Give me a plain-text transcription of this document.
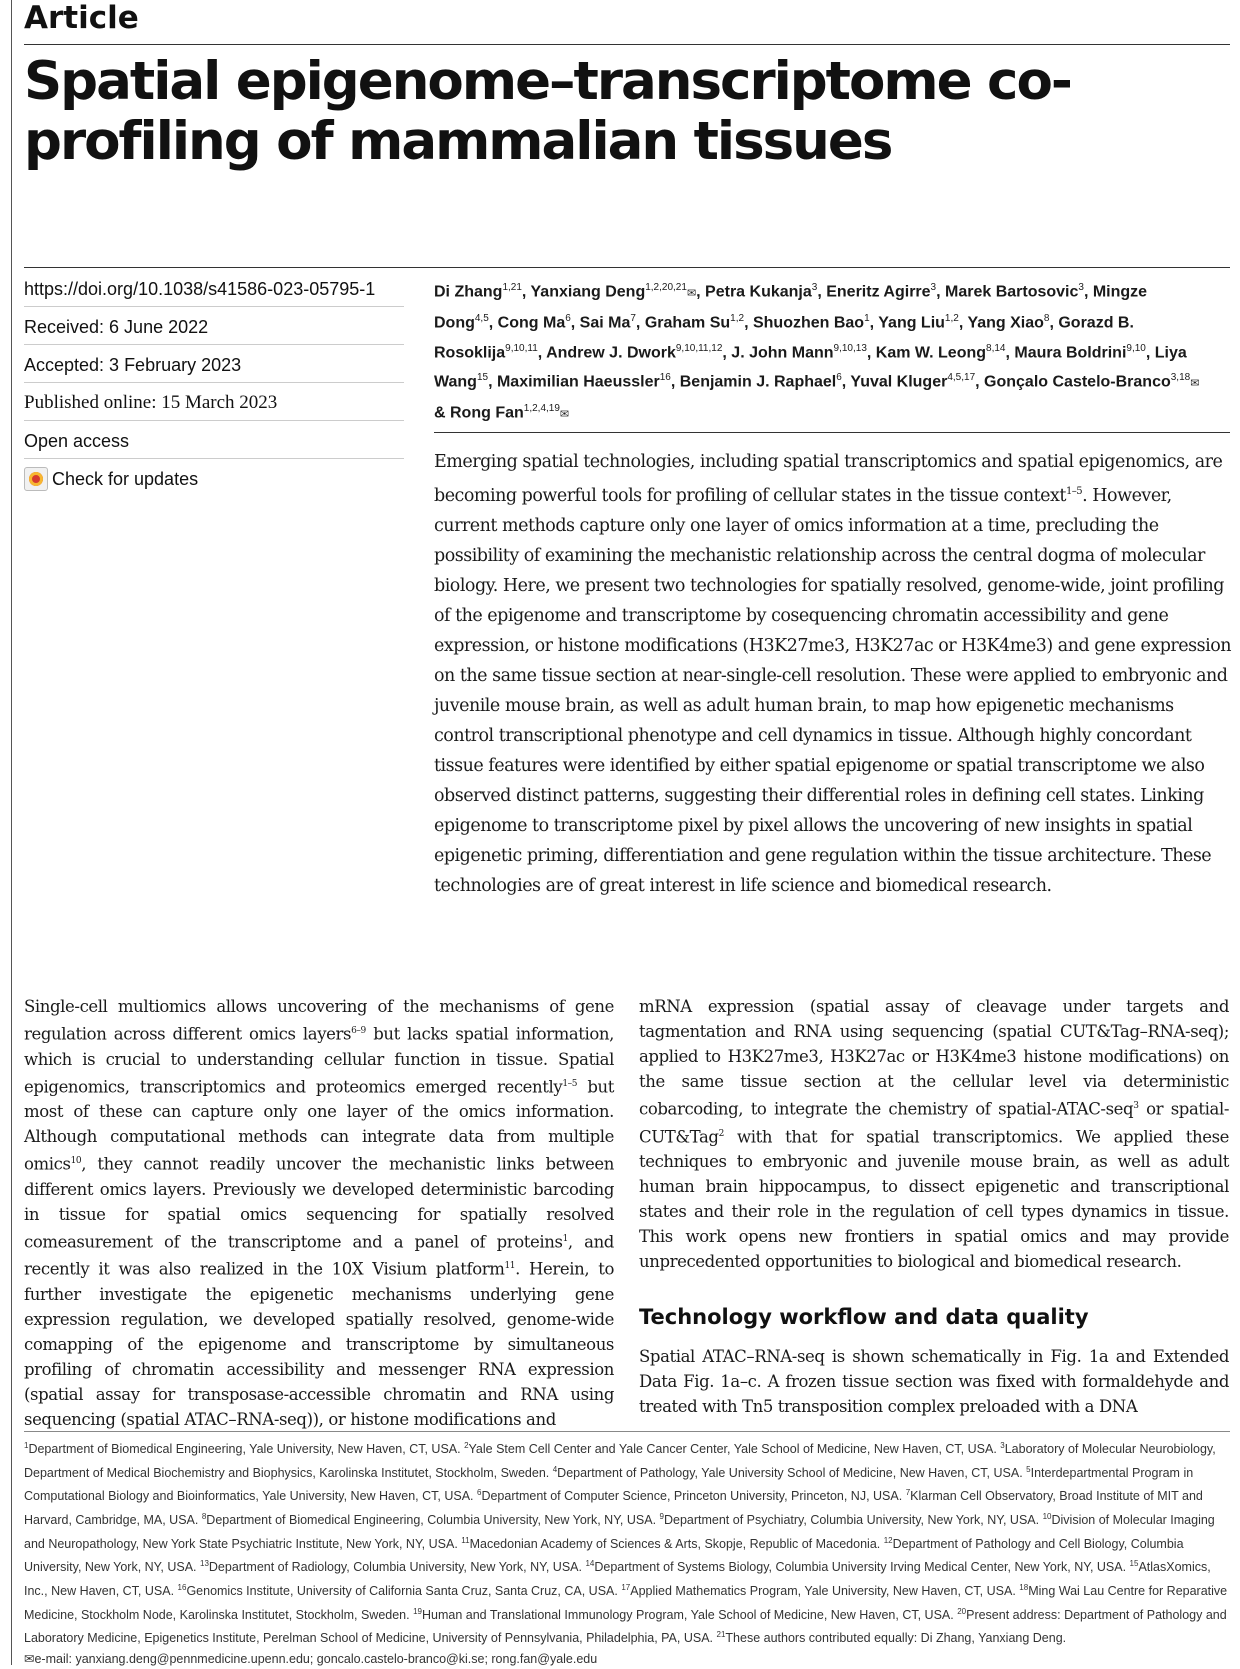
Article
Spatial epigenome–transcriptome co-profiling of mammalian tissues
https://doi.org/10.1038/s41586-023-05795-1
Received: 6 June 2022
Accepted: 3 February 2023
Published online: 15 March 2023
Open access
Check for updates

Di Zhang$^{1,21}$, Yanxiang Deng$^{1,2,20,21}$✉, Petra Kukanja$^3$, Eneritz Agirre$^3$, Marek Bartosovic$^3$, Mingze Dong$^{4,5}$, Cong Ma$^6$, Sai Ma$^7$, Graham Su$^{1,2}$, Shuozhen Bao$^1$, Yang Liu$^{1,2}$, Yang Xiao$^8$, Gorazd B. Rosoklija$^{9,10,11}$, Andrew J. Dwork$^{9,10,11,12}$, J. John Mann$^{9,10,13}$, Kam W. Leong$^{8,14}$, Maura Boldrini$^{9,10}$, Liya Wang$^{15}$, Maximilian Haeussler$^{16}$, Benjamin J. Raphael$^6$, Yuval Kluger$^{4,5,17}$, Gonçalo Castelo-Branco$^{3,18}$✉ & Rong Fan$^{1,2,4,19}$✉

Emerging spatial technologies, including spatial transcriptomics and spatial epigenomics, are becoming powerful tools for profiling of cellular states in the tissue context$^{1-5}$. However, current methods capture only one layer of omics information at a time, precluding the possibility of examining the mechanistic relationship across the central dogma of molecular biology. Here, we present two technologies for spatially resolved, genome-wide, joint profiling of the epigenome and transcriptome by cosequencing chromatin accessibility and gene expression, or histone modifications (H3K27me3, H3K27ac or H3K4me3) and gene expression on the same tissue section at near-single-cell resolution. These were applied to embryonic and juvenile mouse brain, as well as adult human brain, to map how epigenetic mechanisms control transcriptional phenotype and cell dynamics in tissue. Although highly concordant tissue features were identified by either spatial epigenome or spatial transcriptome we also observed distinct patterns, suggesting their differential roles in defining cell states. Linking epigenome to transcriptome pixel by pixel allows the uncovering of new insights in spatial epigenetic priming, differentiation and gene regulation within the tissue architecture. These technologies are of great interest in life science and biomedical research.

Single-cell multiomics allows uncovering of the mechanisms of gene regulation across different omics layers$^{6-9}$ but lacks spatial information, which is crucial to understanding cellular function in tissue. Spatial epigenomics, transcriptomics and proteomics emerged recently$^{1-5}$ but most of these can capture only one layer of the omics information. Although computational methods can integrate data from multiple omics$^{10}$, they cannot readily uncover the mechanistic links between different omics layers. Previously we developed deterministic barcoding in tissue for spatial omics sequencing for spatially resolved comeasurement of the transcriptome and a panel of proteins$^1$, and recently it was also realized in the 10X Visium platform$^{11}$. Herein, to further investigate the epigenetic mechanisms underlying gene expression regulation, we developed spatially resolved, genome-wide comapping of the epigenome and transcriptome by simultaneous profiling of chromatin accessibility and messenger RNA expression (spatial assay for transposase-accessible chromatin and RNA using sequencing (spatial ATAC–RNA-seq)), or histone modifications and

mRNA expression (spatial assay of cleavage under targets and tagmentation and RNA using sequencing (spatial CUT&Tag–RNA-seq); applied to H3K27me3, H3K27ac or H3K4me3 histone modifications) on the same tissue section at the cellular level via deterministic cobarcoding, to integrate the chemistry of spatial-ATAC-seq$^3$ or spatial-CUT&Tag$^2$ with that for spatial transcriptomics. We applied these techniques to embryonic and juvenile mouse brain, as well as adult human brain hippocampus, to dissect epigenetic and transcriptional states and their role in the regulation of cell types dynamics in tissue. This work opens new frontiers in spatial omics and may provide unprecedented opportunities to biological and biomedical research.

Technology workflow and data quality

Spatial ATAC–RNA-seq is shown schematically in Fig. 1a and Extended Data Fig. 1a–c. A frozen tissue section was fixed with formaldehyde and treated with Tn5 transposition complex preloaded with a DNA

$^1$Department of Biomedical Engineering, Yale University, New Haven, CT, USA. $^2$Yale Stem Cell Center and Yale Cancer Center, Yale School of Medicine, New Haven, CT, USA. $^3$Laboratory of Molecular Neurobiology, Department of Medical Biochemistry and Biophysics, Karolinska Institutet, Stockholm, Sweden. $^4$Department of Pathology, Yale University School of Medicine, New Haven, CT, USA. $^5$Interdepartmental Program in Computational Biology and Bioinformatics, Yale University, New Haven, CT, USA. $^6$Department of Computer Science, Princeton University, Princeton, NJ, USA. $^7$Klarman Cell Observatory, Broad Institute of MIT and Harvard, Cambridge, MA, USA. $^8$Department of Biomedical Engineering, Columbia University, New York, NY, USA. $^9$Department of Psychiatry, Columbia University, New York, NY, USA. $^{10}$Division of Molecular Imaging and Neuropathology, New York State Psychiatric Institute, New York, NY, USA. $^{11}$Macedonian Academy of Sciences & Arts, Skopje, Republic of Macedonia. $^{12}$Department of Pathology and Cell Biology, Columbia University, New York, NY, USA. $^{13}$Department of Radiology, Columbia University, New York, NY, USA. $^{14}$Department of Systems Biology, Columbia University Irving Medical Center, New York, NY, USA. $^{15}$AtlasXomics, Inc., New Haven, CT, USA. $^{16}$Genomics Institute, University of California Santa Cruz, Santa Cruz, CA, USA. $^{17}$Applied Mathematics Program, Yale University, New Haven, CT, USA. $^{18}$Ming Wai Lau Centre for Reparative Medicine, Stockholm Node, Karolinska Institutet, Stockholm, Sweden. $^{19}$Human and Translational Immunology Program, Yale School of Medicine, New Haven, CT, USA. $^{20}$Present address: Department of Pathology and Laboratory Medicine, Epigenetics Institute, Perelman School of Medicine, University of Pennsylvania, Philadelphia, PA, USA. $^{21}$These authors contributed equally: Di Zhang, Yanxiang Deng.
✉e-mail: yanxiang.deng@pennmedicine.upenn.edu; goncalo.castelo-branco@ki.se; rong.fan@yale.edu
